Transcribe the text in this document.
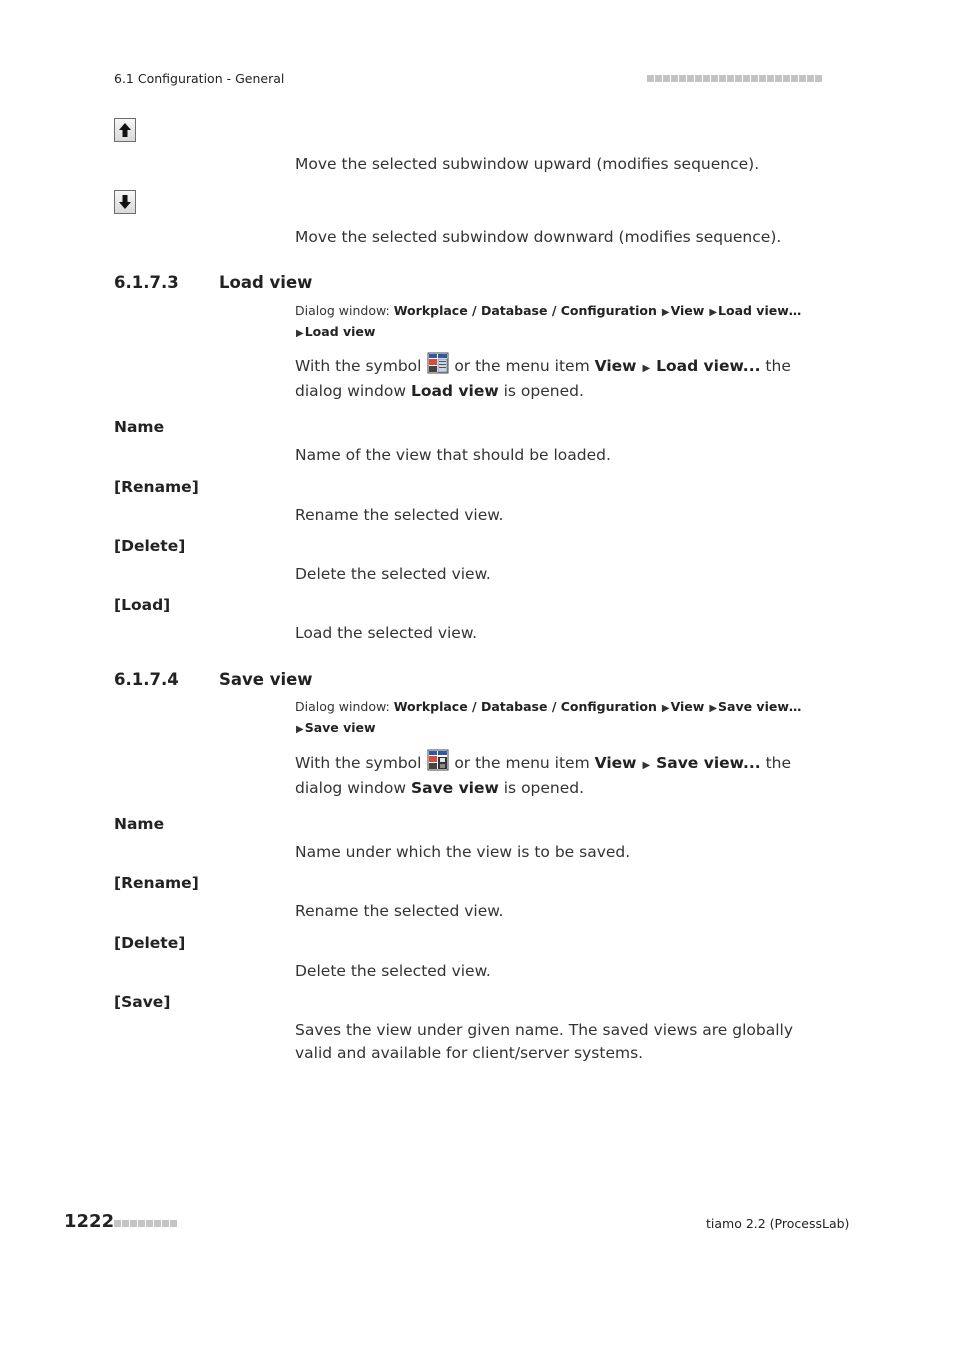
6.1 Configuration - General
Move the selected subwindow upward (modifies sequence).
Move the selected subwindow downward (modifies sequence).
6.1.7.3 Load view
Dialog window: Workplace / Database / Configuration ▶View ▶Load view… ▶Load view
With the symbol  or the menu item View ▶ Load view... the dialog window Load view is opened.
Name
Name of the view that should be loaded.
[Rename]
Rename the selected view.
[Delete]
Delete the selected view.
[Load]
Load the selected view.
6.1.7.4 Save view
Dialog window: Workplace / Database / Configuration ▶View ▶Save view… ▶Save view
With the symbol  or the menu item View ▶ Save view... the dialog window Save view is opened.
Name
Name under which the view is to be saved.
[Rename]
Rename the selected view.
[Delete]
Delete the selected view.
[Save]
Saves the view under given name. The saved views are globally valid and available for client/server systems.
1222	tiamo 2.2 (ProcessLab)
